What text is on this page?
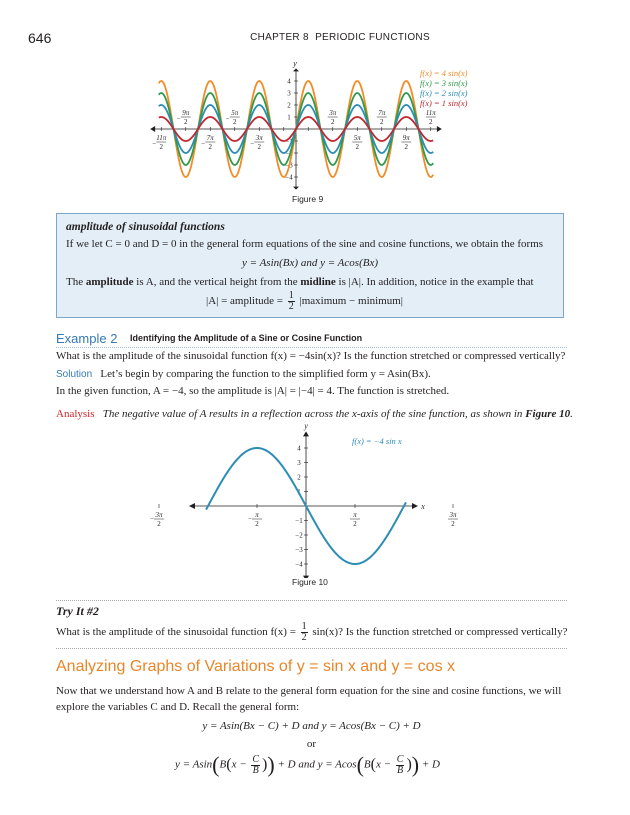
646	CHAPTER 8 PERIODIC FUNCTIONS
y
4
3
2
1
−1
−2
−3
−4
−
9π
2	−
5π
2
3π
2
7π
2
11π
2
−
11π
2	−
7π
2	−
3π
2
5π
2
9π
2
f(x) = 4 sin(x)
f(x) = 3 sin(x)
f(x) = 2 sin(x)
f(x) = 1 sin(x)
Figure 9
amplitude of sinusoidal functions
If we let C = 0 and D = 0 in the general form equations of the sine and cosine functions, we obtain the forms
y = Asin(Bx) and y = Acos(Bx)
The amplitude is A, and the vertical height from the midline is |A|. In addition, notice in the example that
|A| = amplitude = $\frac{1}{2}$ |maximum − minimum|
Example 2 Identifying the Amplitude of a Sine or Cosine Function
What is the amplitude of the sinusoidal function f(x) = −4sin(x)? Is the function stretched or compressed vertically?
Solution Let’s begin by comparing the function to the simplified form y = Asin(Bx).
In the given function, A = −4, so the amplitude is |A| = |−4| = 4. The function is stretched.
Analysis The negative value of A results in a reflection across the x-axis of the sine function, as shown in Figure 10.
x
y
4
3
2
1
−1
−2
−3
−4
− 3π
2
− π
2
π
2
3π
2
f(x) = −4 sin x
Figure 10
Try It #2
What is the amplitude of the sinusoidal function $f(x) = \frac{1}{2} \sin(x)$? Is the function stretched or compressed vertically?
Analyzing Graphs of Variations of y = sin x and y = cos x
Now that we understand how A and B relate to the general form equation for the sine and cosine functions, we will
explore the variables C and D. Recall the general form:
y = Asin(Bx − C) + D and y = Acos(Bx − C) + D
or
$y = Asin(B(x - \frac{C}{B}$ )) + D and $y = Acos(B(x - \frac{C}{B}$ )) + D
